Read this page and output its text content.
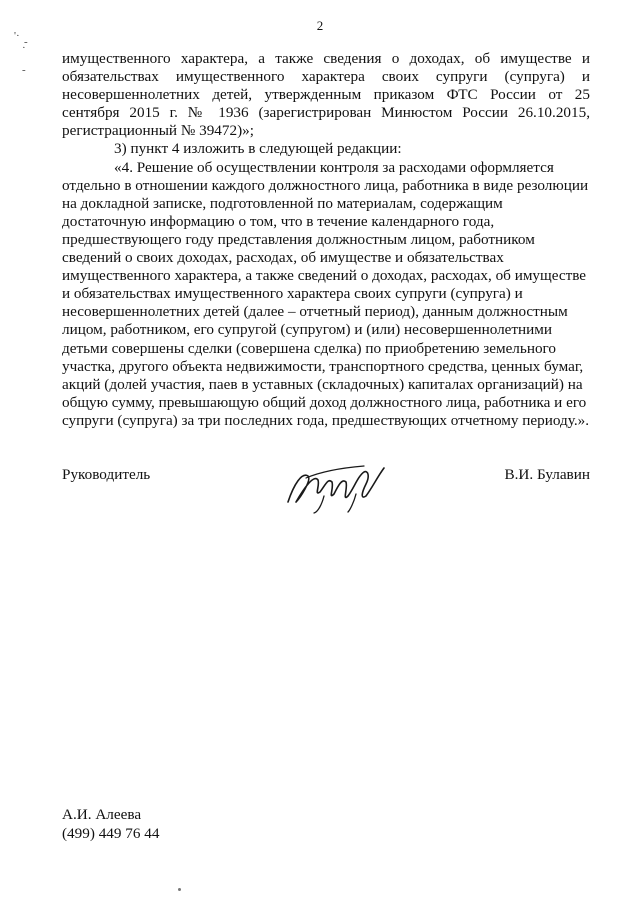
'· -
·
-
2

имущественного характера, а также сведения о доходах, об имуществе и обязательствах имущественного характера своих супруги (супруга) и несовершеннолетних детей, утвержденным приказом ФТС России от 25 сентября 2015 г. № 1936 (зарегистрирован Минюстом России 26.10.2015, регистрационный № 39472)»;

3) пункт 4 изложить в следующей редакции:

«4. Решение об осуществлении контроля за расходами оформляется отдельно в отношении каждого должностного лица, работника в виде резолюции на докладной записке, подготовленной по материалам, содержащим достаточную информацию о том, что в течение календарного года, предшествующего году представления должностным лицом, работником сведений о своих доходах, расходах, об имуществе и обязательствах имущественного характера, а также сведений о доходах, расходах, об имуществе и обязательствах имущественного характера своих супруги (супруга) и несовершеннолетних детей (далее – отчетный период), данным должностным лицом, работником, его супругой (супругом) и (или) несовершеннолетними детьми совершены сделки (совершена сделка) по приобретению земельного участка, другого объекта недвижимости, транспортного средства, ценных бумаг, акций (долей участия, паев в уставных (складочных) капиталах организаций) на общую сумму, превышающую общий доход должностного лица, работника и его супруги (супруга) за три последних года, предшествующих отчетному периоду.».

Руководитель	В.И. Булавин
А.И. Алеева
(499) 449 76 44
